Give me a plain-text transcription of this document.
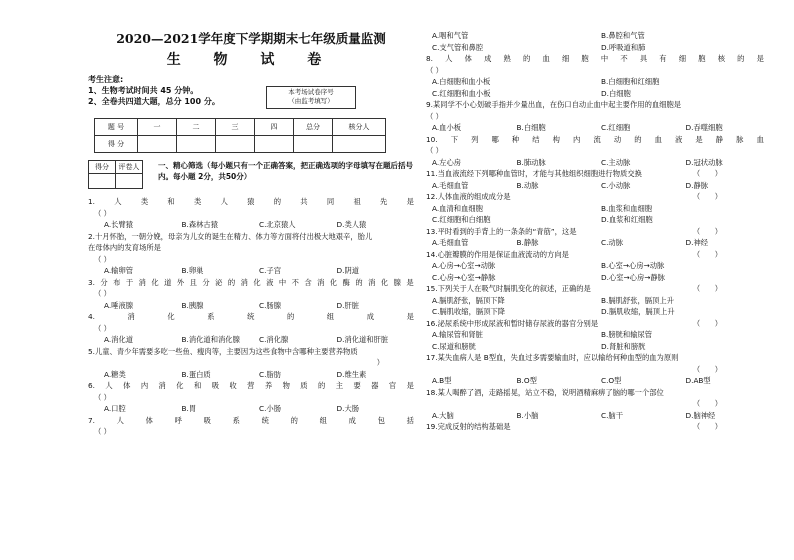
2020—2021学年度下学期期末七年级质量监测

生 物 试 卷

考生注意:
1、生物考试时间共 45 分钟。
2、全卷共四道大题，总分 100 分。
本考场试卷序号
（由监考填写）
题 号	一	二	三	四	总分	核分人
得 分						
得分	评卷人
	一、精心筛选（每小题只有一个正确答案，把正确选项的字母填写在题后括号内。每小题 2分，共50分）
1.	人	类	和	类	人	猿	的	共	同	祖	先	是
（ ）
A.长臂猿	B.森林古猿	C.北京猿人	D.类人猿
2.十月怀胎，一朝分娩，母亲为儿女的诞生在精力、体力等方面将付出极大地艰辛，胎儿
在母体内的发育场所是
（ ）
A.输卵管	B.卵巢	C.子宫	D.阴道
3. 分 布 于 消 化 道 外 且 分 泌 的 消 化 液 中 不 含 消 化 酶 的 消 化 腺 是
（ ）
A.唾液腺	B.胰腺	C.肠腺	D.肝脏
4.	消	化	系	统	的	组	成	是
（ ）
A.消化道	B.消化道和消化腺	C.消化腺	D.消化道和肝脏
5.儿童、青少年需要多吃一些鱼、瘦肉等，主要因为这些食物中含哪种主要营养物质
）
A.糖类	B.蛋白质	C.脂肪	D.维生素
6. 人 体 内 消 化 和 吸 收 营 养 物 质 的 主 要 器 官 是
（ ）
A.口腔	B.胃	C.小肠	D.大肠
7.	人	体	呼	吸	系	统	的	组	成	包	括
（ ）
A.咽和气管	B.鼻腔和气管
C.支气管和鼻腔	D.呼吸道和肺
8. 人 体 成 熟 的 血 细 胞 中 不 具 有 细 胞 核 的 是
（ ）
A.白细胞和血小板	B.白细胞和红细胞
C.红细胞和血小板	D.白细胞
9.某同学不小心划破手指并少量出血，在伤口自动止血中起主要作用的血细胞是
（ ）
A.血小板	B.白细胞	C.红细胞	D.吞噬细胞
10. 下 列 哪 种 结 构 内 流 动 的 血 液 是 静 脉 血
（ ）
A.左心房	B.肺动脉	C.主动脉	D.冠状动脉
11.当血液流经下列哪种血管时，才能与其他组织细胞进行物质交换	（　　）
A.毛细血管	B.动脉	C.小动脉	D.静脉
12.人体血液的组成成分是	（　　）
A.血清和血细胞	B.血浆和血细胞
C.红细胞和白细胞	D.血浆和红细胞
13.平时看到的手背上的一条条的“青筋”，这是	（　　）
A.毛细血管	B.静脉	C.动脉	D.神经
14.心脏瓣膜的作用是保证血液流动的方向是	（　　）
A.心房→心室→动脉	B.心室→心房→动脉
C.心房→心室→静脉	D.心室→心房→静脉
15.下列关于人在吸气时膈肌变化的叙述，正确的是	（　　）
A.膈肌舒张，膈顶下降	B.膈肌舒张，膈顶上升
C.膈肌收缩，膈顶下降	D.膈肌收缩，膈顶上升
16.泌尿系统中形成尿液和暂时储存尿液的器官分别是	（　　）
A.输尿管和肾脏	B.膀胱和输尿管
C.尿道和膀胱	D.肾脏和膀胱
17.某失血病人是 B型血，失血过多需要输血时，应以输给何种血型的血为原则
（　　）
A.B型	B.O型	C.O型	D.AB型
18.某人喝醉了酒，走路摇晃，站立不稳，说明酒精麻痹了脑的哪一个部位
（　　）
A.大脑	B.小脑	C.脑干	D.脑神经
19.完成反射的结构基础是	（　　）
